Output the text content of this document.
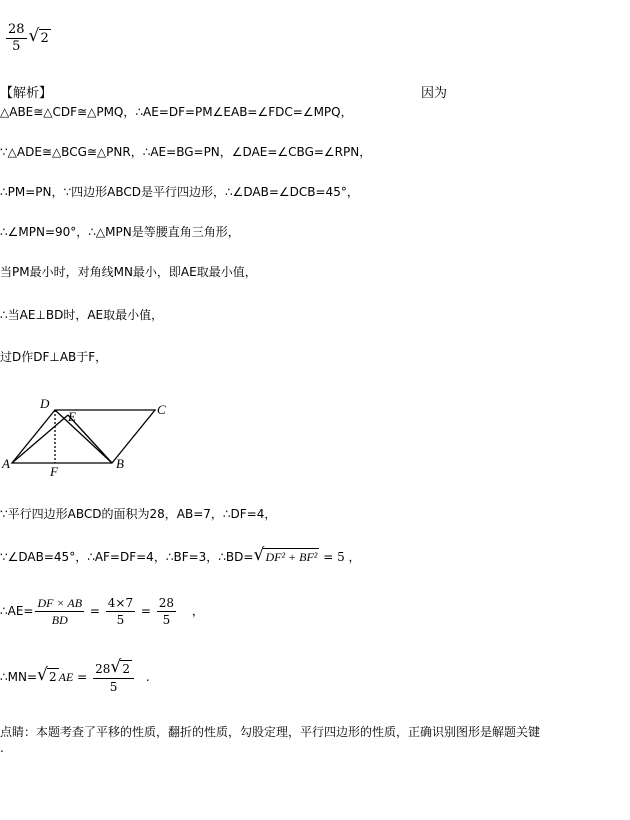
$\frac{28}{5}$ √ 2
【解析】	因为
△ABE≅△CDF≅△PMQ，∴AE=DF=PM∠EAB=∠FDC=∠MPQ，
∵△ADE≅△BCG≅△PNR，∴AE=BG=PN，∠DAE=∠CBG=∠RPN，
∴PM=PN，∵四边形ABCD是平行四边形，∴∠DAB=∠DCB=45°，
∴∠MPN=90°，∴△MPN是等腰直角三角形，
当PM最小时，对角线MN最小，即AE取最小值，
∴当AE⊥BD时，AE取最小值，
过D作DF⊥AB于F，
A	B
C
D
E
F
∵平行四边形ABCD的面积为28，AB=7，∴DF=4，
∵∠DAB=45°，∴AF=DF=4，∴BF=3，∴BD= √ DF² + BF² = 5 ，
∴AE= $\frac{DF \times AB}{BD} = \frac{4\times 7}{5} = \frac{28}{5}$ ，
∴MN= √ 2 AE = $\frac{28 √ 2}{5}$ .
点睛：本题考查了平移的性质，翻折的性质，勾股定理，平行四边形的性质，正确识别图形是解题关键
.
